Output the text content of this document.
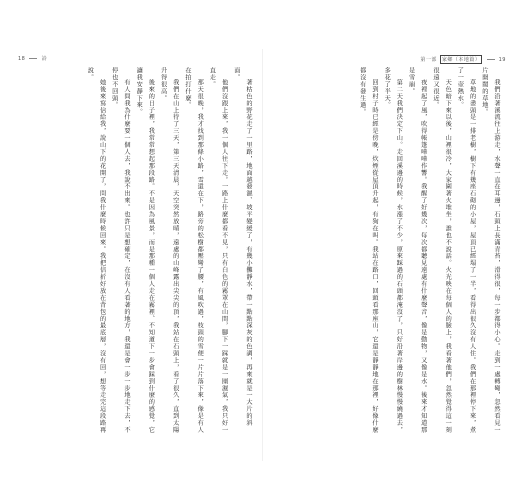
18	詩

著枯色的野花走了一里路，地面越發濕、坡平變緩了，有幾小攤靜水，帶一點點深灰的色調，再來就是一大片的斜面。

他們沒跟上來，我一個人往下走。一路上什麼都看不見，只有白色的霧罩在山間，腳下一踩就是一團濕氣，我只好一直走。

那天很晚，我才找到那條小路，雪還在下，路旁的松樹都壓彎了腰，有風吹過，枝頭的雪便一片片落下來，像是有人在拍打什麼。

我們在山上待了三天，第三天清晨，天空突然放晴，遠處的山峰露出尖尖的頂，我站在石頭上，看了很久，直到太陽升得很高。

後來的日子裡，我常常想起那段路。不是因為風景，而是那種一個人走在霧裡、不知道下一步會踩到什麼的感覺，它讓我安靜下來。

有人問我為什麼要一個人去，我說不出來。也許只是想確定，在沒有人看著的地方，我還是會一步一步地走下去，不停也不回頭。

她後來寫信給我，說山下的花開了，問我什麼時候回來。我把信折好放在背包的最底層，沒有回，想等走完這段路再說。

第一部 家鄉（本地篇）	19

我們沿著溪流往上游走，水聲一直在耳邊，石頭上長滿青苔，滑得很，每一步都得小心。走到一處轉彎，忽然看見一片開闊的草地。

草地的盡頭是一排老樹，樹下有幾座石砌的小屋，屋頂已經塌了一半，看得出很久沒有人住。我們在那裡停下來，煮了一壺熱水。

天色暗下來以後，山裡很冷，大家圍著火堆坐，誰也不說話。火光映在每個人的臉上，我看著他們，忽然覺得這一刻很遠又很近。

夜裡起了風，吹得帳篷嘩嘩作響。我醒了好幾次，每次都聽見遠處有什麼聲音，像是動物，又像是水。後來才知道那是雪崩。

第二天我們決定下山。走回溪邊的時候，水漲了不少，原來踩過的石頭都淹沒了，只好沿著岸邊的樹林慢慢繞過去，多花了半天。

回到村子時已經是傍晚，炊煙從屋頂升起，有狗在叫。我站在路口，回頭看那座山，它還是靜靜地在那裡，好像什麼都沒有發生過。
